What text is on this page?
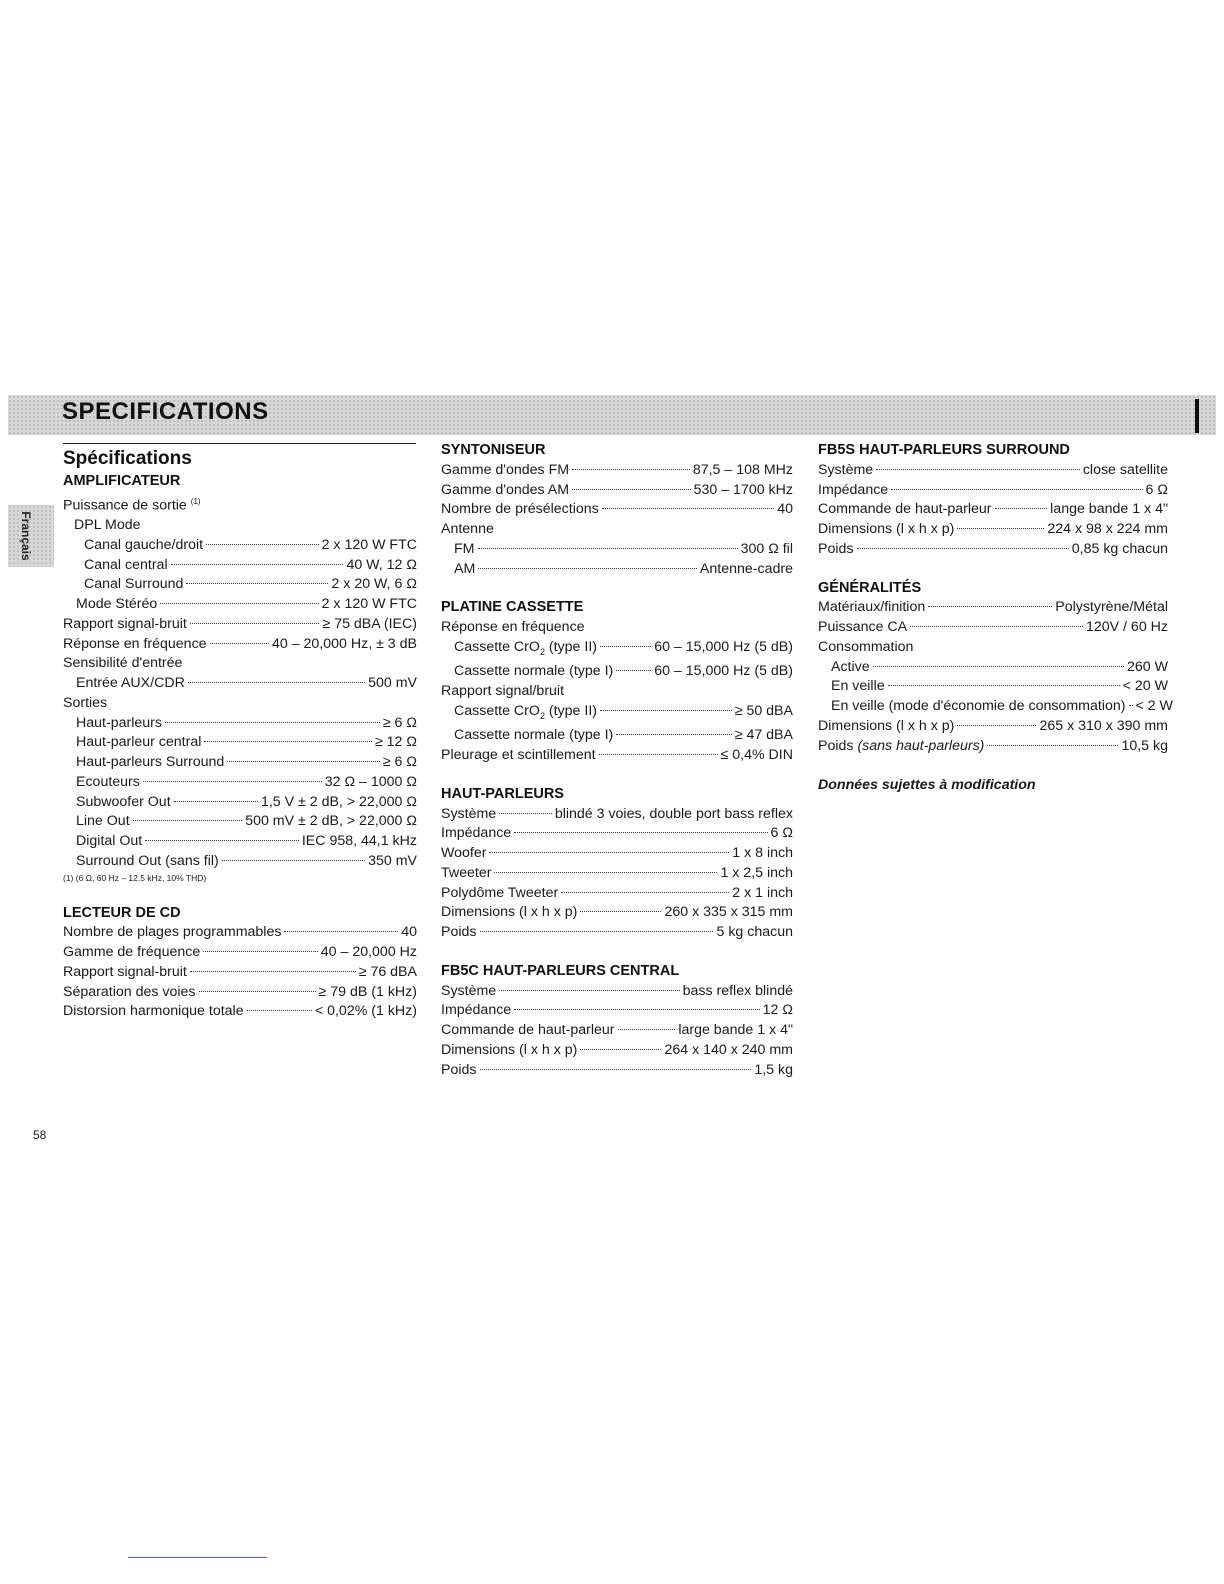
SPECIFICATIONS
Français
Spécifications
AMPLIFICATEUR
Puissance de sortie $^{(1)}$
DPL Mode
Canal gauche/droit	2 x 120 W FTC
Canal central	40 W, 12 Ω
Canal Surround	2 x 20 W, 6 Ω
Mode Stéréo	2 x 120 W FTC
Rapport signal-bruit	≥ 75 dBA (IEC)
Réponse en fréquence	40 – 20,000 Hz, ± 3 dB
Sensibilité d'entrée
Entrée AUX/CDR	500 mV
Sorties
Haut-parleurs	≥ 6 Ω
Haut-parleur central	≥ 12 Ω
Haut-parleurs Surround	≥ 6 Ω
Ecouteurs	32 Ω – 1000 Ω
Subwoofer Out	1,5 V ± 2 dB, > 22,000 Ω
Line Out	500 mV ± 2 dB, > 22,000 Ω
Digital Out	IEC 958, 44,1 kHz
Surround Out (sans fil)	350 mV
(1) (6 Ω, 60 Hz – 12.5 kHz, 10% THD)
LECTEUR DE CD
Nombre de plages programmables	40
Gamme de fréquence	40 – 20,000 Hz
Rapport signal-bruit	≥ 76 dBA
Séparation des voies	≥ 79 dB (1 kHz)
Distorsion harmonique totale	< 0,02% (1 kHz)
SYNTONISEUR
Gamme d'ondes FM	87,5 – 108 MHz
Gamme d'ondes AM	530 – 1700 kHz
Nombre de présélections	40
Antenne
FM	300 Ω fil
AM	Antenne-cadre
PLATINE CASSETTE
Réponse en fréquence
Cassette CrO$_2$ (type II)	60 – 15,000 Hz (5 dB)
Cassette normale (type I)	60 – 15,000 Hz (5 dB)
Rapport signal/bruit
Cassette CrO$_2$ (type II)	≥ 50 dBA
Cassette normale (type I)	≥ 47 dBA
Pleurage et scintillement	≤ 0,4% DIN
HAUT-PARLEURS
Système	blindé 3 voies, double port bass reflex
Impédance	6 Ω
Woofer	1 x 8 inch
Tweeter	1 x 2,5 inch
Polydôme Tweeter	2 x 1 inch
Dimensions (l x h x p)	260 x 335 x 315 mm
Poids	5 kg chacun
FB5C HAUT-PARLEURS CENTRAL
Système	bass reflex blindé
Impédance	12 Ω
Commande de haut-parleur	large bande 1 x 4"
Dimensions (l x h x p)	264 x 140 x 240 mm
Poids	1,5 kg
FB5S HAUT-PARLEURS SURROUND
Système	close satellite
Impédance	6 Ω
Commande de haut-parleur	lange bande 1 x 4"
Dimensions (l x h x p)	224 x 98 x 224 mm
Poids	0,85 kg chacun
GÉNÉRALITÉS
Matériaux/finition	Polystyrène/Métal
Puissance CA	120V / 60 Hz
Consommation
Active	260 W
En veille	< 20 W
En veille (mode d'économie de consommation) < 2 W
Dimensions (l x h x p)	265 x 310 x 390 mm
Poids (sans haut-parleurs)	10,5 kg
Données sujettes à modification
58
